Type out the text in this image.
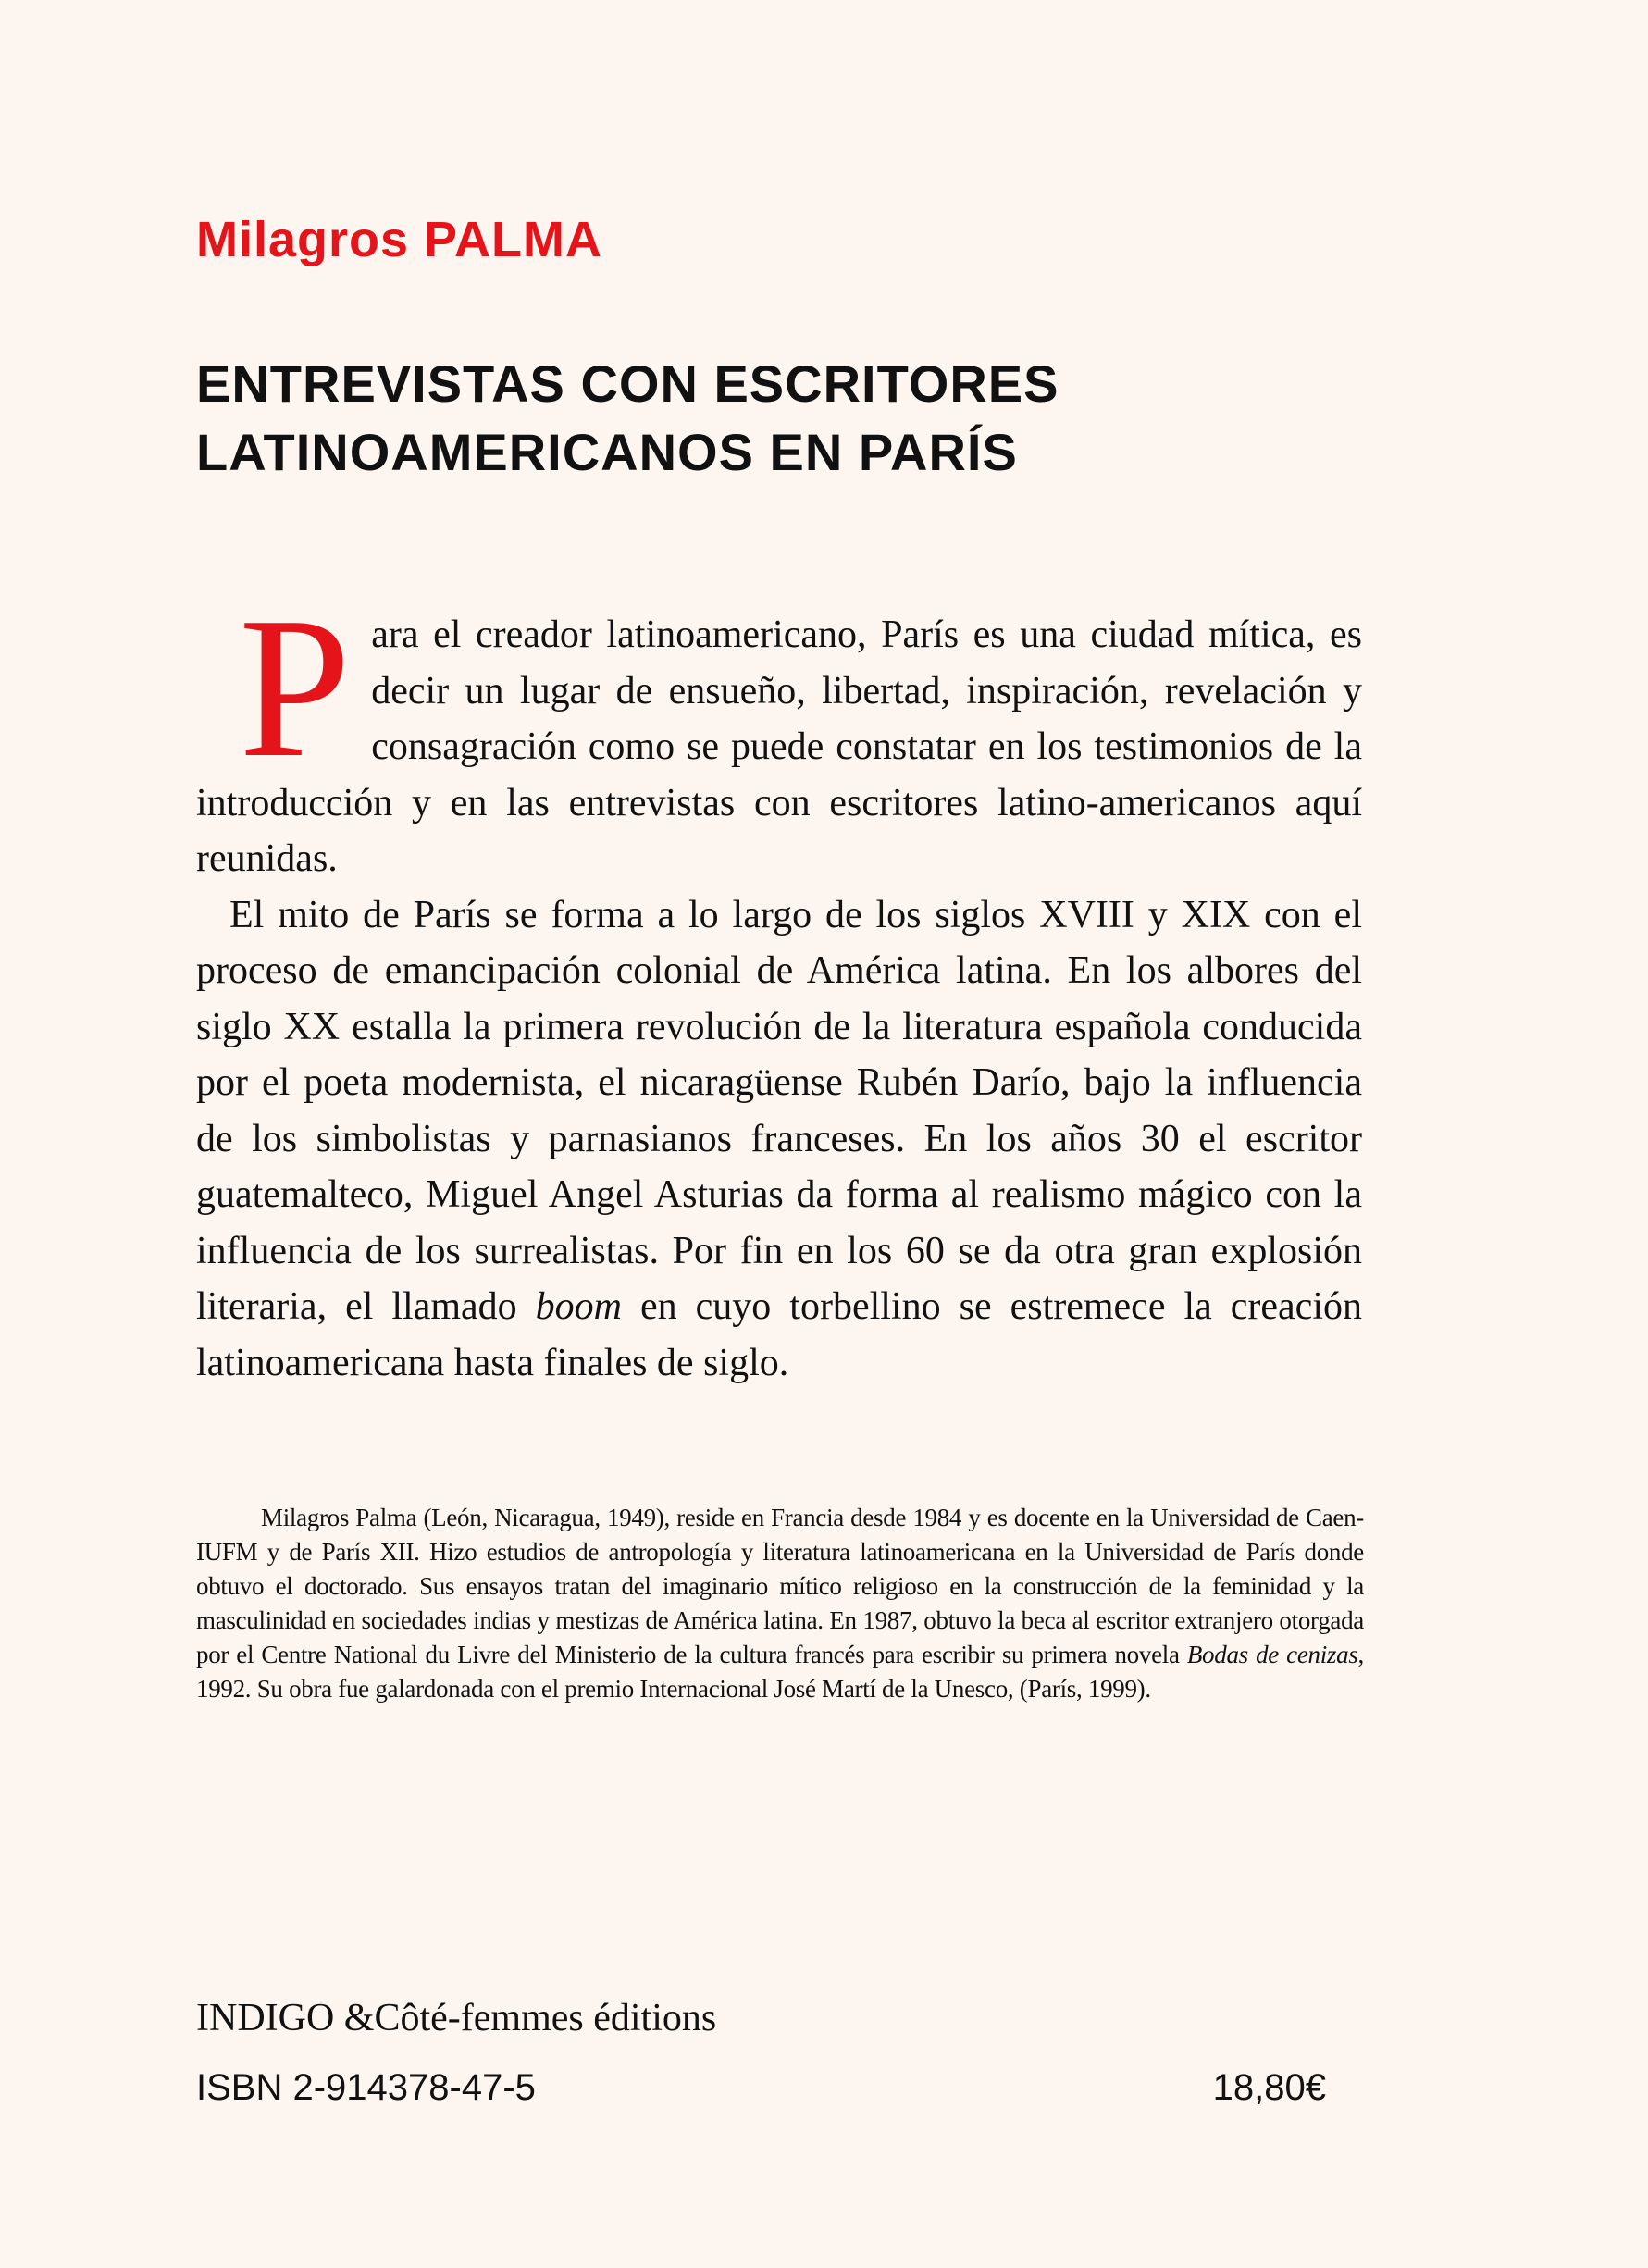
Milagros PALMA
ENTREVISTAS CON ESCRITORES
LATINOAMERICANOS EN PARÍS

Para el creador latinoamericano, París es una ciudad mítica, es decir un lugar de ensueño, libertad, inspiración, revelación y consagración como se puede constatar en los testimonios de la introducción y en las entrevistas con escritores latino-americanos aquí reunidas.

El mito de París se forma a lo largo de los siglos XVIII y XIX con el proceso de emancipación colonial de América latina. En los albores del siglo XX estalla la primera revolución de la literatura española conducida por el poeta modernista, el nicaragüense Rubén Darío, bajo la influencia de los simbolistas y parnasianos franceses. En los años 30 el escritor guatemalteco, Miguel Angel Asturias da forma al realismo mágico con la influencia de los surrealistas. Por fin en los 60 se da otra gran explosión literaria, el llamado boom en cuyo torbellino se estremece la creación latinoamericana hasta finales de siglo.

Milagros Palma (León, Nicaragua, 1949), reside en Francia desde 1984 y es docente en la Universidad de Caen-IUFM y de París XII. Hizo estudios de antropología y literatura latinoamericana en la Universidad de París donde obtuvo el doctorado. Sus ensayos tratan del imaginario mítico religioso en la construcción de la feminidad y la masculinidad en sociedades indias y mestizas de América latina. En 1987, obtuvo la beca al escritor extranjero otorgada por el Centre National du Livre del Ministerio de la cultura francés para escribir su primera novela Bodas de cenizas, 1992. Su obra fue galardonada con el premio Internacional José Martí de la Unesco, (París, 1999).

INDIGO &Côté-femmes éditions
ISBN 2-914378-47-5	18,80€
